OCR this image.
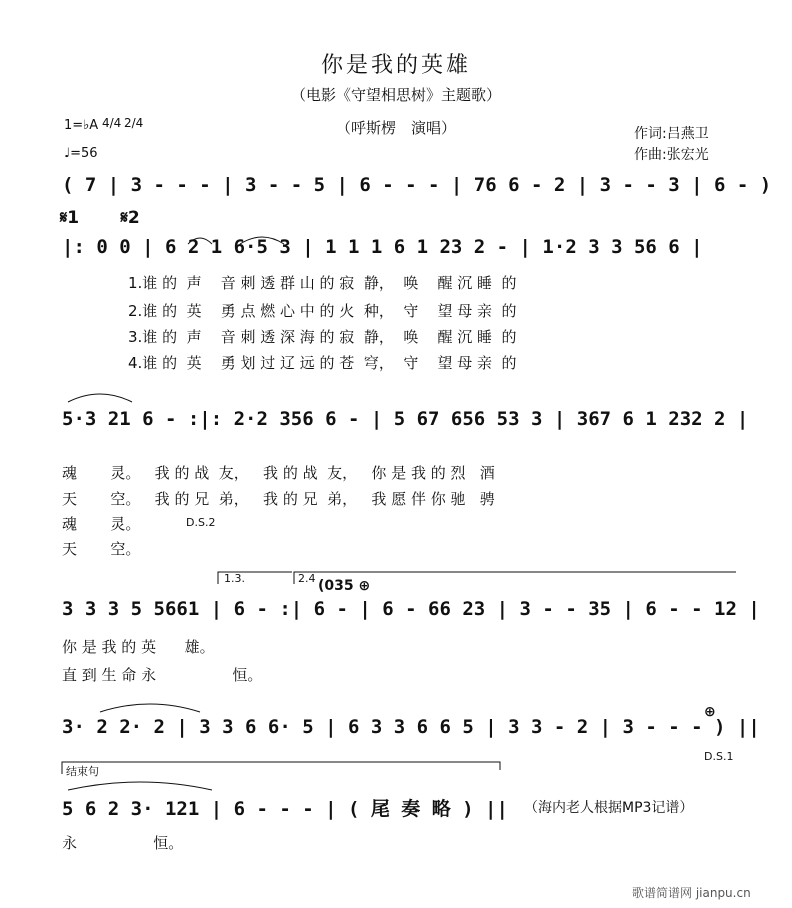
你是我的英雄
（电影《守望相思树》主题歌）
（呼斯楞　演唱）	作词:吕燕卫
作曲:张宏光
1=♭A 4/4 2/4
♩=56
( 7 | 3 - - - | 3 - - 5 | 6 - - - | 76 6 - 2 | 3 - - 3 | 6 - )
𝄋1       𝄋2
|: 0 0 | 6 2 1 6·5 3 | 1 1 1 6 1 23 2 - | 1·2 3 3 56 6 |
1.谁 的  声    音 刺 透 群 山 的 寂  静，  唤    醒 沉 睡  的
2.谁 的  英    勇 点 燃 心 中 的 火  种，  守    望 母 亲  的
3.谁 的  声    音 刺 透 深 海 的 寂  静，  唤    醒 沉 睡  的
4.谁 的  英    勇 划 过 辽 远 的 苍  穹，  守    望 母 亲  的
5·3 21 6 - :|: 2·2 356 6 - | 5 67 656 53 3 | 367 6 1 232 2 |
魂       灵。   我 的 战  友，   我 的 战  友，   你 是 我 的 烈   酒
天       空。   我 的 兄  弟，   我 的 兄  弟，   我 愿 伴 你 驰   骋
魂       灵。
天       空。
D.S.2
1.3.	2.4 (035 ⊕
3 3 3 5 5661 | 6 - :| 6 - | 6 - 66 23 | 3 - - 35 | 6 - - 12 |
你 是 我 的 英      雄。
直 到 生 命 永                恒。
3· 2 2· 2 | 3 3 6 6· 5 | 6 3 3 6 6 5 | 3 3 - 2 | 3 - - - ) ||
⊕
D.S.1
结束句
5 6 2 3· 121 | 6 - - - | ( 尾 奏 略 ) || （海内老人根据MP3记谱）
永                恒。
歌谱简谱网 jianpu.cn
